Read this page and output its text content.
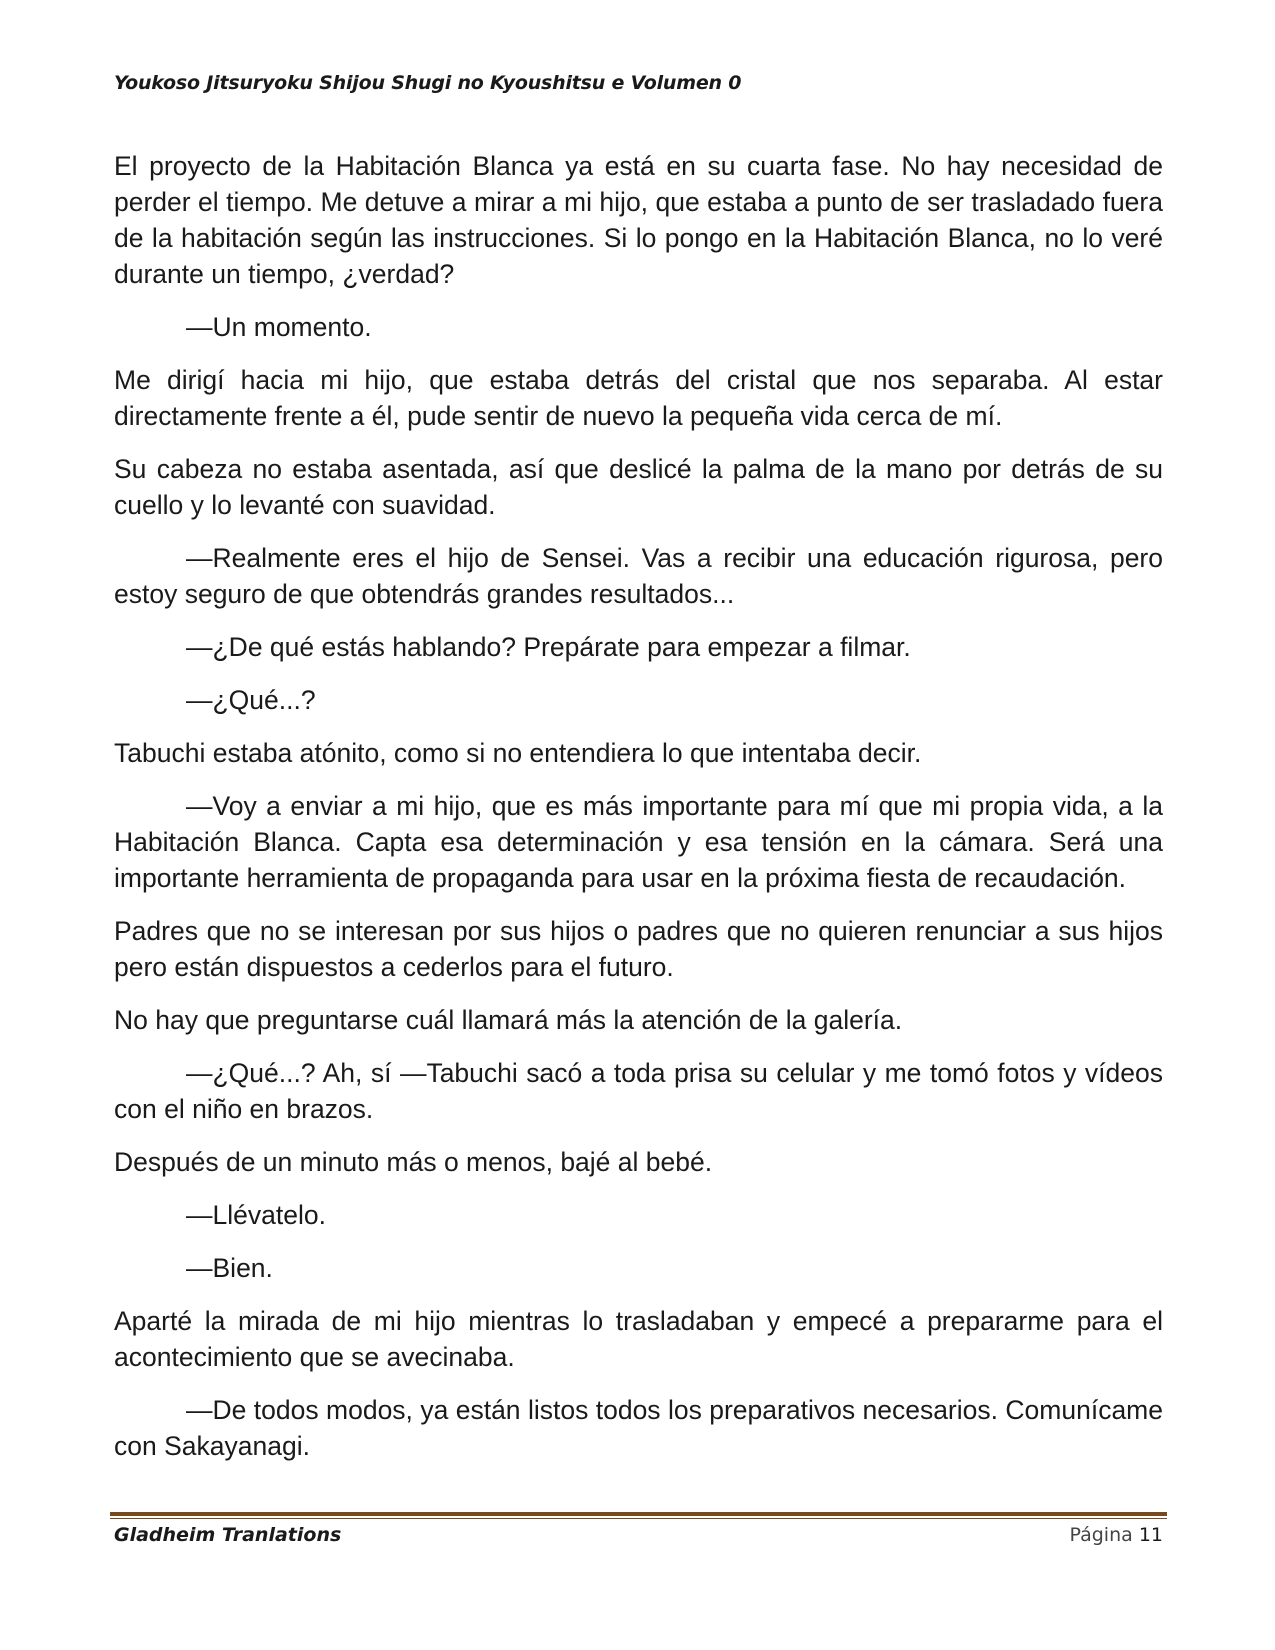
Youkoso Jitsuryoku Shijou Shugi no Kyoushitsu e Volumen 0

El proyecto de la Habitación Blanca ya está en su cuarta fase. No hay necesidad de perder el tiempo. Me detuve a mirar a mi hijo, que estaba a punto de ser trasladado fuera de la habitación según las instrucciones. Si lo pongo en la Habitación Blanca, no lo veré durante un tiempo, ¿verdad?

—Un momento.

Me dirigí hacia mi hijo, que estaba detrás del cristal que nos separaba. Al estar directamente frente a él, pude sentir de nuevo la pequeña vida cerca de mí.

Su cabeza no estaba asentada, así que deslicé la palma de la mano por detrás de su cuello y lo levanté con suavidad.

—Realmente eres el hijo de Sensei. Vas a recibir una educación rigurosa, pero estoy seguro de que obtendrás grandes resultados...

—¿De qué estás hablando? Prepárate para empezar a filmar.

—¿Qué...?

Tabuchi estaba atónito, como si no entendiera lo que intentaba decir.

—Voy a enviar a mi hijo, que es más importante para mí que mi propia vida, a la Habitación Blanca. Capta esa determinación y esa tensión en la cámara. Será una importante herramienta de propaganda para usar en la próxima fiesta de recaudación.

Padres que no se interesan por sus hijos o padres que no quieren renunciar a sus hijos pero están dispuestos a cederlos para el futuro.

No hay que preguntarse cuál llamará más la atención de la galería.

—¿Qué...? Ah, sí —Tabuchi sacó a toda prisa su celular y me tomó fotos y vídeos con el niño en brazos.

Después de un minuto más o menos, bajé al bebé.

—Llévatelo.

—Bien.

Aparté la mirada de mi hijo mientras lo trasladaban y empecé a prepararme para el acontecimiento que se avecinaba.

—De todos modos, ya están listos todos los preparativos necesarios. Comunícame con Sakayanagi.

Gladheim Tranlations	Página 11
